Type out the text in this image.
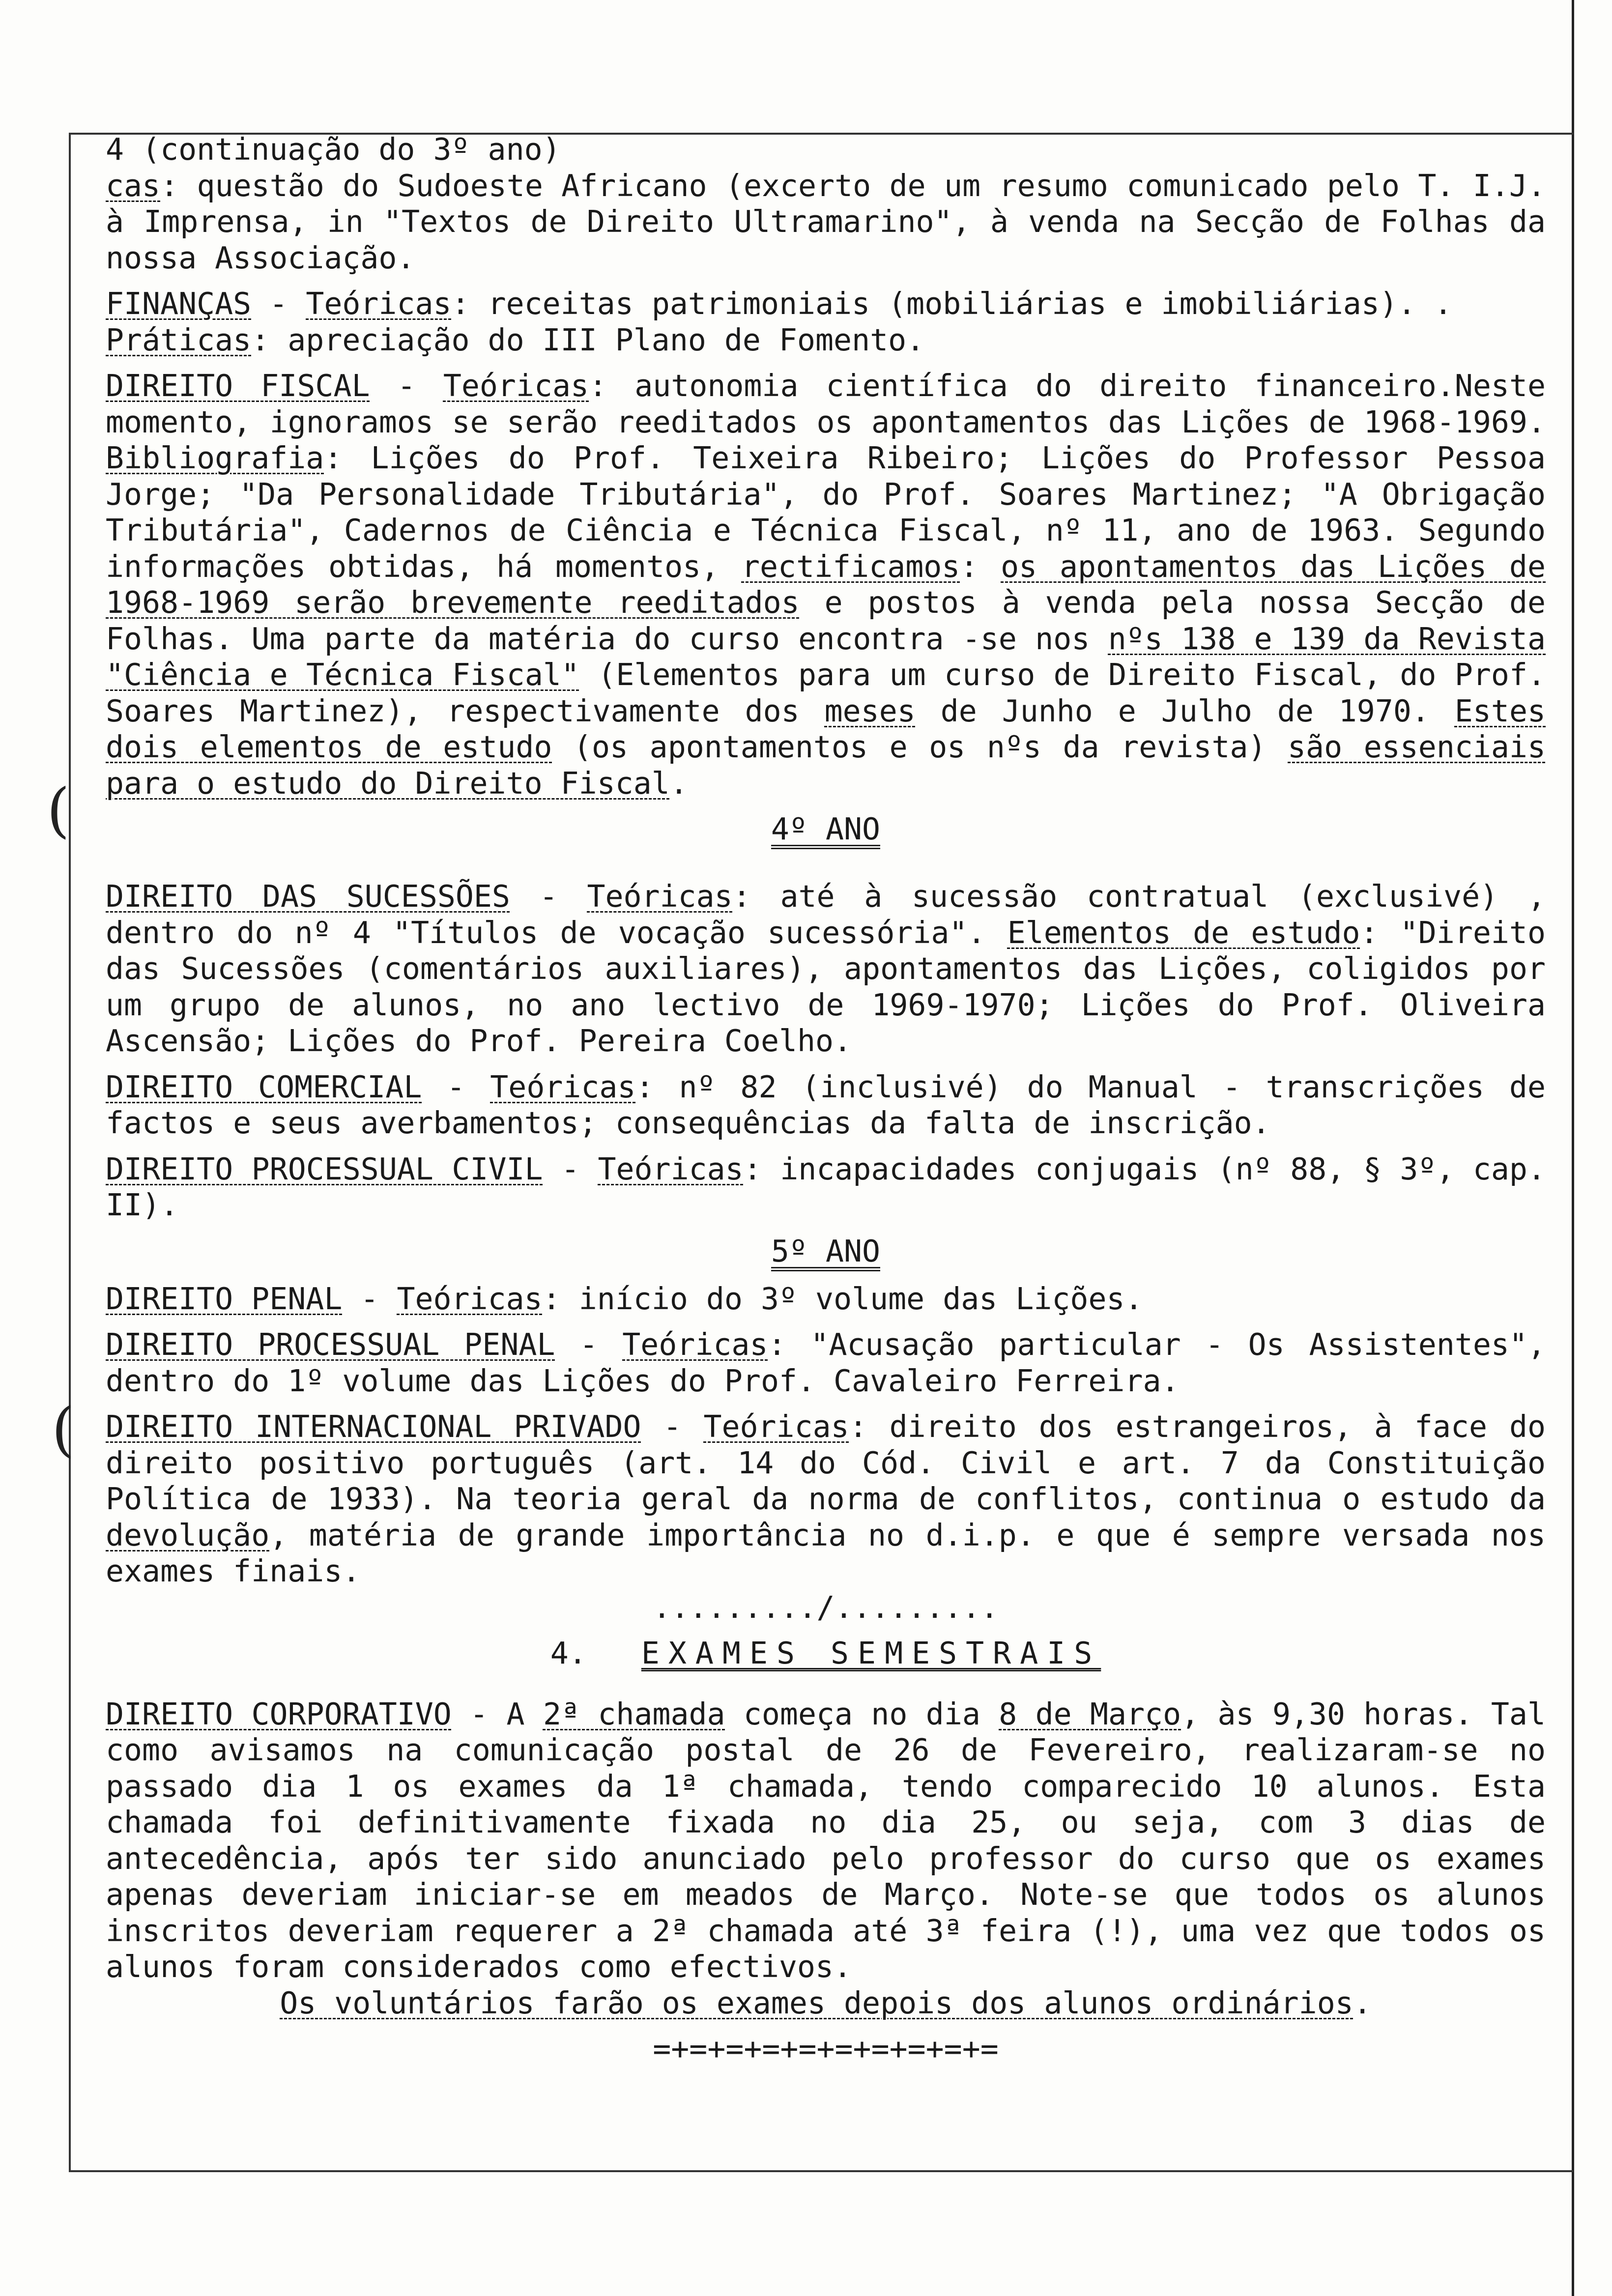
(
(

4 (continuação do 3º ano)

cas: questão do Sudoeste Africano (excerto de um resumo comunicado pelo T. I.J. à Imprensa, in "Textos de Direito Ultramarino", à venda na Secção de Folhas da nossa Associação.

FINANÇAS - Teóricas: receitas patrimoniais (mobiliárias e imobiliárias). .
Práticas: apreciação do III Plano de Fomento.

DIREITO FISCAL - Teóricas: autonomia científica do direito financeiro.Neste momento, ignoramos se serão reeditados os apontamentos das Lições de 1968-1969. Bibliografia: Lições do Prof. Teixeira Ribeiro; Lições do Professor Pessoa Jorge; "Da Personalidade Tributária", do Prof. Soares Martinez; "A Obrigação Tributária", Cadernos de Ciência e Técnica Fiscal, nº 11, ano de 1963. Segundo informações obtidas, há momentos, rectificamos: os apontamentos das Lições de 1968-1969 serão brevemente reeditados e postos à venda pela nossa Secção de Folhas. Uma parte da matéria do curso encontra -se nos nºs 138 e 139 da Revista "Ciência e Técnica Fiscal" (Elementos para um curso de Direito Fiscal, do Prof. Soares Martinez), respectivamente dos meses de Junho e Julho de 1970. Estes dois elementos de estudo (os apontamentos e os nºs da revista) são essenciais para o estudo do Direito Fiscal.

4º ANO

DIREITO DAS SUCESSÕES - Teóricas: até à sucessão contratual (exclusivé) , dentro do nº 4 "Títulos de vocação sucessória". Elementos de estudo: "Direito das Sucessões (comentários auxiliares), apontamentos das Lições, coligidos por um grupo de alunos, no ano lectivo de 1969-1970; Lições do Prof. Oliveira Ascensão; Lições do Prof. Pereira Coelho.

DIREITO COMERCIAL - Teóricas: nº 82 (inclusivé) do Manual - transcrições de factos e seus averbamentos; consequências da falta de inscrição.

DIREITO PROCESSUAL CIVIL - Teóricas: incapacidades conjugais (nº 88, § 3º, cap. II).

5º ANO

DIREITO PENAL - Teóricas: início do 3º volume das Lições.

DIREITO PROCESSUAL PENAL - Teóricas: "Acusação particular - Os Assistentes", dentro do 1º volume das Lições do Prof. Cavaleiro Ferreira.

DIREITO INTERNACIONAL PRIVADO - Teóricas: direito dos estrangeiros, à face do direito positivo português (art. 14 do Cód. Civil e art. 7 da Constituição Política de 1933). Na teoria geral da norma de conflitos, continua o estudo da devolução, matéria de grande importância no d.i.p. e que é sempre versada nos exames finais.

........./.........

4. EXAMES SEMESTRAIS

DIREITO CORPORATIVO - A 2ª chamada começa no dia 8 de Março, às 9,30 horas. Tal como avisamos na comunicação postal de 26 de Fevereiro, realizaram-se no passado dia 1 os exames da 1ª chamada, tendo comparecido 10 alunos. Esta chamada foi definitivamente fixada no dia 25, ou seja, com 3 dias de antecedência, após ter sido anunciado pelo professor do curso que os exames apenas deveriam iniciar-se em meados de Março. Note-se que todos os alunos inscritos deveriam requerer a 2ª chamada até 3ª feira (!), uma vez que todos os alunos foram considerados como efectivos.

Os voluntários farão os exames depois dos alunos ordinários.

=+=+=+=+=+=+=+=+=+=
